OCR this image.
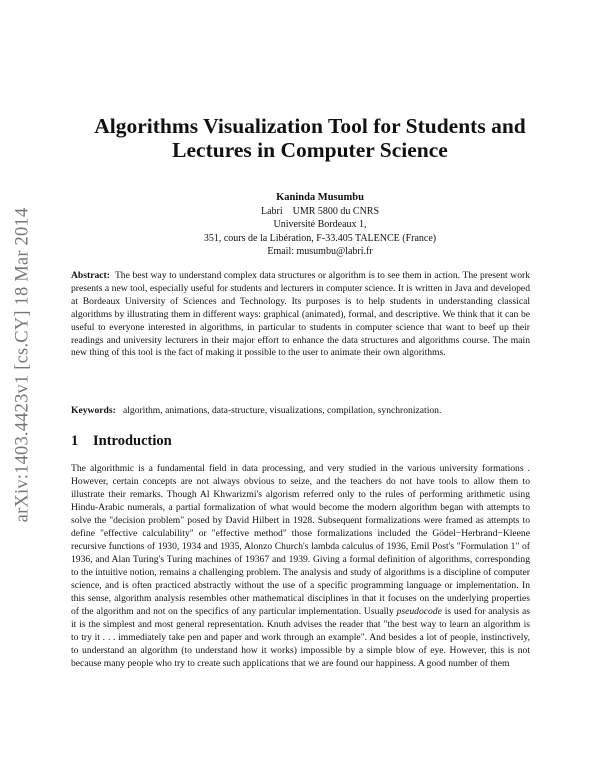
arXiv:1403.4423v1 [cs.CY] 18 Mar 2014
Algorithms Visualization Tool for Students and
Lectures in Computer Science
Kaninda Musumbu
Labri    UMR 5800 du CNRS
Université Bordeaux 1,
351, cours de la Libération, F-33.405 TALENCE (France)
Email: musumbu@labri.fr
Abstract: The best way to understand complex data structures or algorithm is to see them in action. The present work presents a new tool, especially useful for students and lecturers in computer science. It is written in Java and developed at Bordeaux University of Sciences and Technology. Its purposes is to help students in understanding classical algorithms by illustrating them in different ways: graphical (animated), formal, and descriptive. We think that it can be useful to everyone interested in algorithms, in particular to students in computer science that want to beef up their readings and university lecturers in their major effort to enhance the data structures and algorithms course. The main new thing of this tool is the fact of making it possible to the user to animate their own algorithms.
Keywords: algorithm, animations, data-structure, visualizations, compilation, synchronization.
1 Introduction

The algorithmic is a fundamental field in data processing, and very studied in the various university formations . However, certain concepts are not always obvious to seize, and the teachers do not have tools to allow them to illustrate their remarks. Though Al Khwarizmi's algorism referred only to the rules of performing arithmetic using Hindu-Arabic numerals, a partial formalization of what would become the modern algorithm began with attempts to solve the "decision problem" posed by David Hilbert in 1928. Subsequent formalizations were framed as attempts to define "effective calculability" or "effective method" those formalizations included the Gödel−Herbrand−Kleene recursive functions of 1930, 1934 and 1935, Alonzo Church's lambda calculus of 1936, Emil Post's "Formulation 1" of 1936, and Alan Turing's Turing machines of 19367 and 1939. Giving a formal definition of algorithms, corresponding to the intuitive notion, remains a challenging problem. The analysis and study of algorithms is a discipline of computer science, and is often practiced abstractly without the use of a specific programming language or implementation. In this sense, algorithm analysis resembles other mathematical disciplines in that it focuses on the underlying properties of the algorithm and not on the specifics of any particular implementation. Usually pseudocode is used for analysis as it is the simplest and most general representation. Knuth advises the reader that "the best way to learn an algorithm is to try it . . . immediately take pen and paper and work through an example". And besides a lot of people, instinctively, to understand an algorithm (to understand how it works) impossible by a simple blow of eye. However, this is not because many people who try to create such applications that we are found our happiness. A good number of them
